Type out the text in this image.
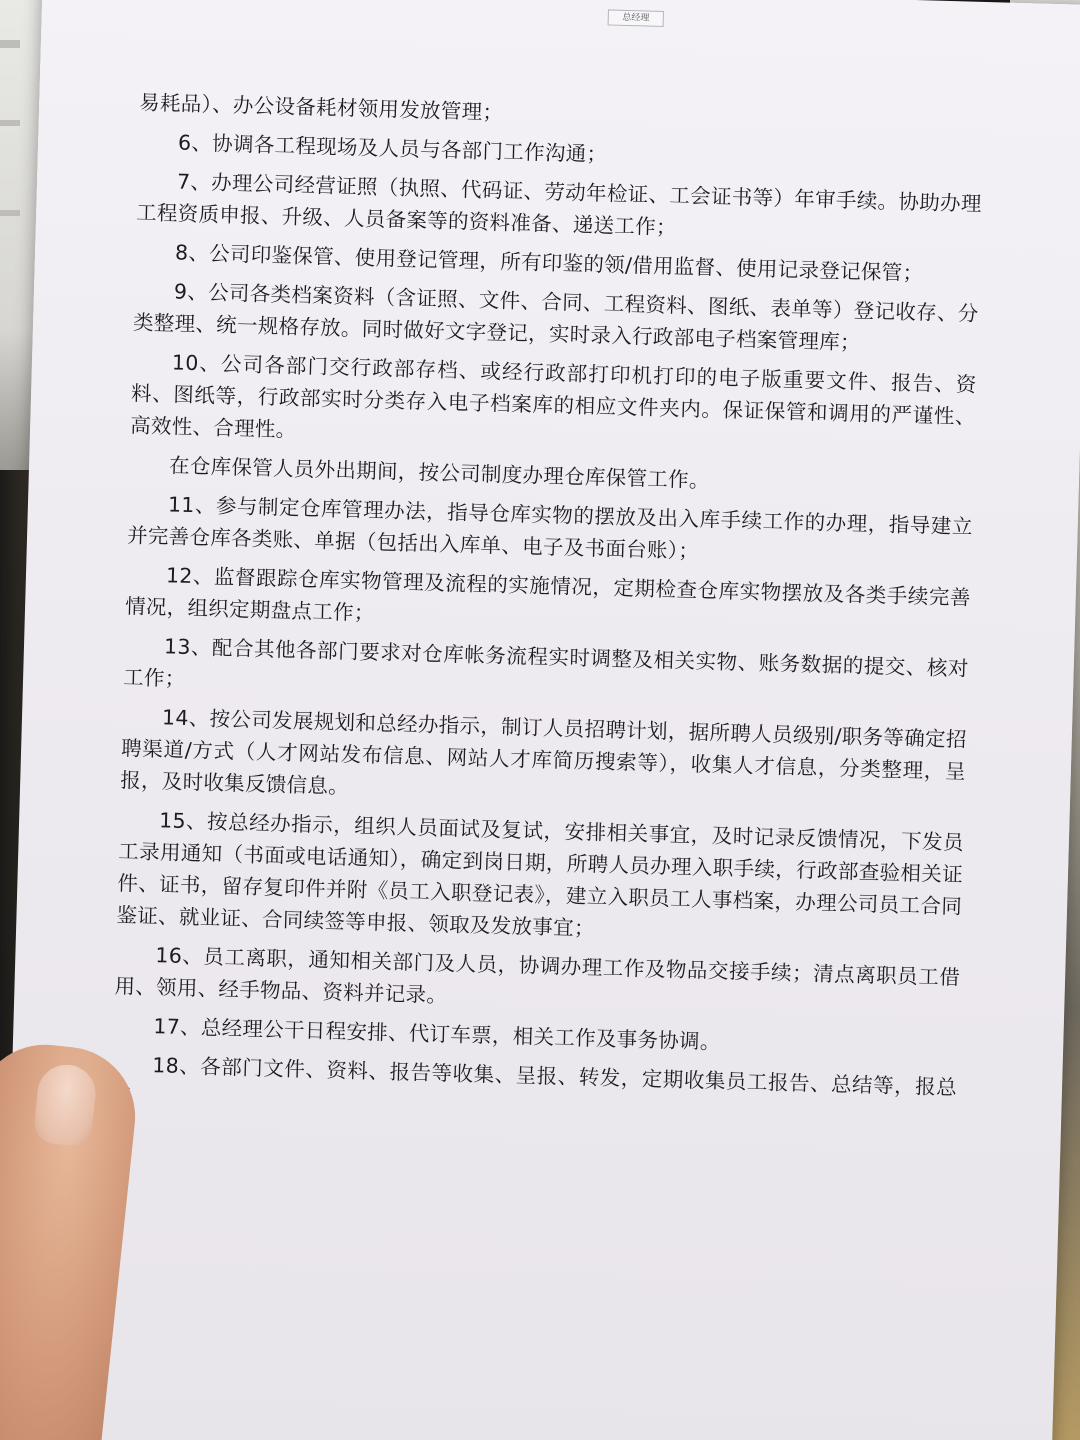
总经理

易耗品）、办公设备耗材领用发放管理；

6、协调各工程现场及人员与各部门工作沟通；

7、办理公司经营证照（执照、代码证、劳动年检证、工会证书等）年审手续。协助办理工程资质申报、升级、人员备案等的资料准备、递送工作；

8、公司印鉴保管、使用登记管理，所有印鉴的领/借用监督、使用记录登记保管；

9、公司各类档案资料（含证照、文件、合同、工程资料、图纸、表单等）登记收存、分类整理、统一规格存放。同时做好文字登记，实时录入行政部电子档案管理库；

10、公司各部门交行政部存档、或经行政部打印机打印的电子版重要文件、报告、资料、图纸等，行政部实时分类存入电子档案库的相应文件夹内。保证保管和调用的严谨性、高效性、合理性。

在仓库保管人员外出期间，按公司制度办理仓库保管工作。

11、参与制定仓库管理办法，指导仓库实物的摆放及出入库手续工作的办理，指导建立并完善仓库各类账、单据（包括出入库单、电子及书面台账）；

12、监督跟踪仓库实物管理及流程的实施情况，定期检查仓库实物摆放及各类手续完善情况，组织定期盘点工作；

13、配合其他各部门要求对仓库帐务流程实时调整及相关实物、账务数据的提交、核对工作；

14、按公司发展规划和总经办指示，制订人员招聘计划，据所聘人员级别/职务等确定招聘渠道/方式（人才网站发布信息、网站人才库简历搜索等），收集人才信息，分类整理，呈报，及时收集反馈信息。

15、按总经办指示，组织人员面试及复试，安排相关事宜，及时记录反馈情况，下发员工录用通知（书面或电话通知），确定到岗日期，所聘人员办理入职手续，行政部查验相关证件、证书，留存复印件并附《员工入职登记表》，建立入职员工人事档案，办理公司员工合同鉴证、就业证、合同续签等申报、领取及发放事宜；

16、员工离职，通知相关部门及人员，协调办理工作及物品交接手续；清点离职员工借用、领用、经手物品、资料并记录。

17、总经理公干日程安排、代订车票，相关工作及事务协调。

18、各部门文件、资料、报告等收集、呈报、转发，定期收集员工报告、总结等，报总经
